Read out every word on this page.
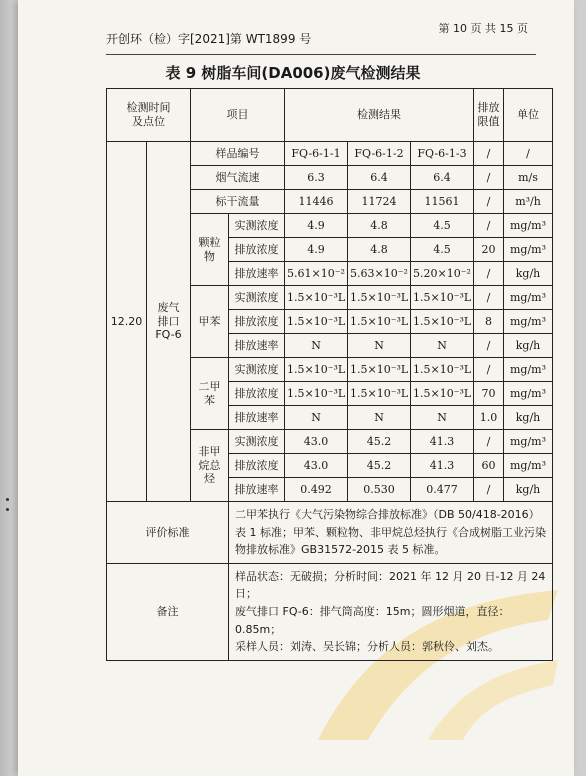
开创环（检）字[2021]第 WT1899 号
第 10 页 共 15 页
表 9 树脂车间(DA006)废气检测结果
检测时间
及点位		项目		检测结果			排放
限值	单位
12.20	废气
排口
FQ-6	样品编号		FQ-6-1-1	FQ-6-1-2	FQ-6-1-3	/	/
		烟气流速		6.3	6.4	6.4	/	m/s
		标干流量		11446	11724	11561	/	m³/h
		颗粒
物	实测浓度	4.9	4.8	4.5	/	mg/m³
			排放浓度	4.9	4.8	4.5	20	mg/m³
			排放速率	5.61×10⁻²	5.63×10⁻²	5.20×10⁻²	/	kg/h
		甲苯	实测浓度	1.5×10⁻³L	1.5×10⁻³L	1.5×10⁻³L	/	mg/m³
			排放浓度	1.5×10⁻³L	1.5×10⁻³L	1.5×10⁻³L	8	mg/m³
			排放速率	N	N	N	/	kg/h
		二甲
苯	实测浓度	1.5×10⁻³L	1.5×10⁻³L	1.5×10⁻³L	/	mg/m³
			排放浓度	1.5×10⁻³L	1.5×10⁻³L	1.5×10⁻³L	70	mg/m³
			排放速率	N	N	N	1.0	kg/h
		非甲
烷总
烃	实测浓度	43.0	45.2	41.3	/	mg/m³
			排放浓度	43.0	45.2	41.3	60	mg/m³
			排放速率	0.492	0.530	0.477	/	kg/h
评价标准			二甲苯执行《大气污染物综合排放标准》（DB 50/418-2016）表 1 标准；甲苯、颗粒物、非甲烷总烃执行《合成树脂工业污染物排放标准》GB31572-2015 表 5 标准。					
备注			样品状态：无破损；分析时间：2021 年 12 月 20 日-12 月 24 日；
废气排口 FQ-6：排气筒高度：15m；圆形烟道，直径：0.85m；
采样人员：刘涛、吴长锦；分析人员：郭秋伶、刘杰。					
